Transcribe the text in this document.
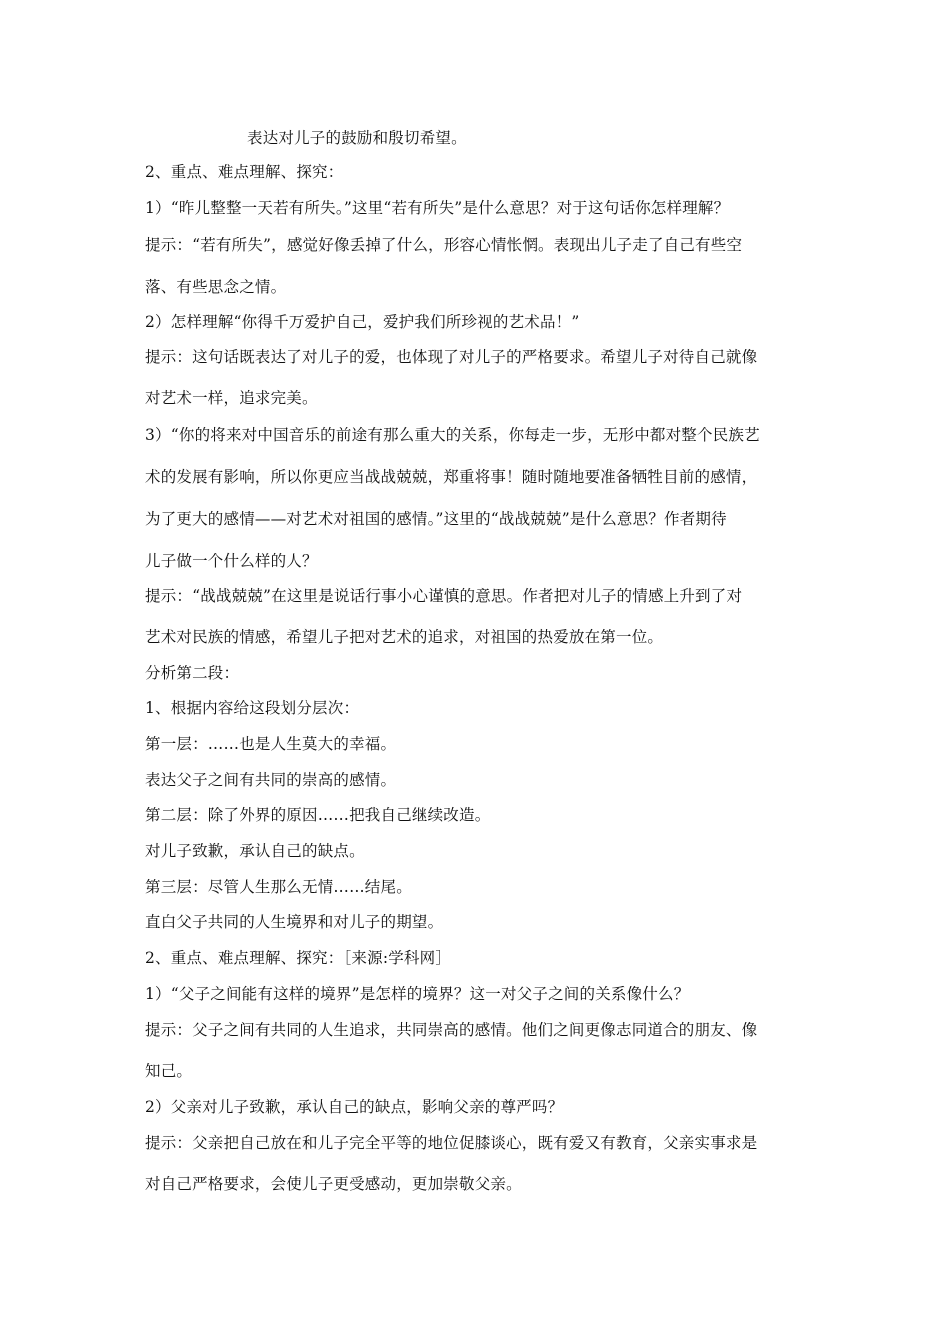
表达对儿子的鼓励和殷切希望。
2、重点、难点理解、探究：
1）“昨儿整整一天若有所失。”这里“若有所失”是什么意思？对于这句话你怎样理解？
提示：“若有所失”，感觉好像丢掉了什么，形容心情怅惘。表现出儿子走了自己有些空
落、有些思念之情。
2）怎样理解“你得千万爱护自己，爱护我们所珍视的艺术品！”
提示：这句话既表达了对儿子的爱，也体现了对儿子的严格要求。希望儿子对待自己就像
对艺术一样，追求完美。
3）“你的将来对中国音乐的前途有那么重大的关系，你每走一步，无形中都对整个民族艺
术的发展有影响，所以你更应当战战兢兢，郑重将事！随时随地要准备牺牲目前的感情，
为了更大的感情——对艺术对祖国的感情。”这里的“战战兢兢”是什么意思？作者期待
儿子做一个什么样的人？
提示：“战战兢兢”在这里是说话行事小心谨慎的意思。作者把对儿子的情感上升到了对
艺术对民族的情感，希望儿子把对艺术的追求，对祖国的热爱放在第一位。
分析第二段：
1、根据内容给这段划分层次：
第一层：……也是人生莫大的幸福。
表达父子之间有共同的崇高的感情。
第二层：除了外界的原因……把我自己继续改造。
对儿子致歉，承认自己的缺点。
第三层：尽管人生那么无情……结尾。
直白父子共同的人生境界和对儿子的期望。
2、重点、难点理解、探究：［来源:学科网］
1）“父子之间能有这样的境界”是怎样的境界？这一对父子之间的关系像什么？
提示：父子之间有共同的人生追求，共同崇高的感情。他们之间更像志同道合的朋友、像
知己。
2）父亲对儿子致歉，承认自己的缺点，影响父亲的尊严吗？
提示：父亲把自己放在和儿子完全平等的地位促膝谈心，既有爱又有教育，父亲实事求是
对自己严格要求，会使儿子更受感动，更加崇敬父亲。
